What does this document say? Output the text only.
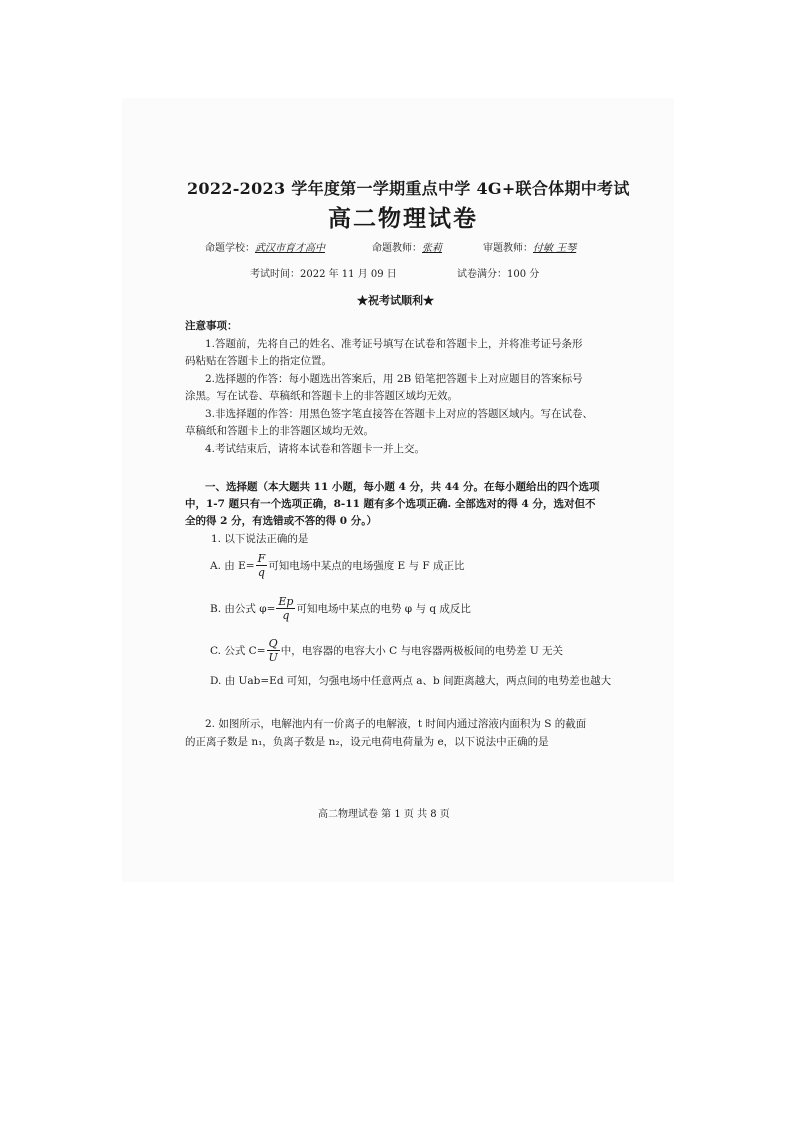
2022-2023 学年度第一学期重点中学 4G+联合体期中考试
高二物理试卷
命题学校：武汉市育才高中	命题教师：张莉	审题教师：付敏 王琴
考试时间：2022 年 11 月 09 日	试卷满分：100 分
★祝考试顺利★
注意事项：
1.答题前，先将自己的姓名、准考证号填写在试卷和答题卡上，并将准考证号条形
码粘贴在答题卡上的指定位置。
2.选择题的作答：每小题选出答案后，用 2B 铅笔把答题卡上对应题目的答案标号
涂黑。写在试卷、草稿纸和答题卡上的非答题区域均无效。
3.非选择题的作答：用黑色签字笔直接答在答题卡上对应的答题区域内。写在试卷、
草稿纸和答题卡上的非答题区域均无效。
4.考试结束后，请将本试卷和答题卡一并上交。
一、选择题（本大题共 11 小题，每小题 4 分，共 44 分。在每小题给出的四个选项
中，1-7 题只有一个选项正确，8-11 题有多个选项正确. 全部选对的得 4 分，选对但不
全的得 2 分，有选错或不答的得 0 分。）
1. 以下说法正确的是
A. 由 $E= \frac{F}{q}$ 可知电场中某点的电场强度 E 与 F 成正比
B. 由公式 $\varphi= \frac{Ep}{q}$ 可知电场中某点的电势 φ 与 q 成反比
C. 公式 $C= \frac{Q}{U}$ 中，电容器的电容大小 C 与电容器两极板间的电势差 U 无关
D. 由 Uab=Ed 可知，匀强电场中任意两点 a、b 间距离越大，两点间的电势差也越大
2. 如图所示，电解池内有一价离子的电解液，t 时间内通过溶液内面积为 S 的截面
的正离子数是 n₁，负离子数是 n₂，设元电荷电荷量为 e，以下说法中正确的是
高二物理试卷 第 1 页 共 8 页
